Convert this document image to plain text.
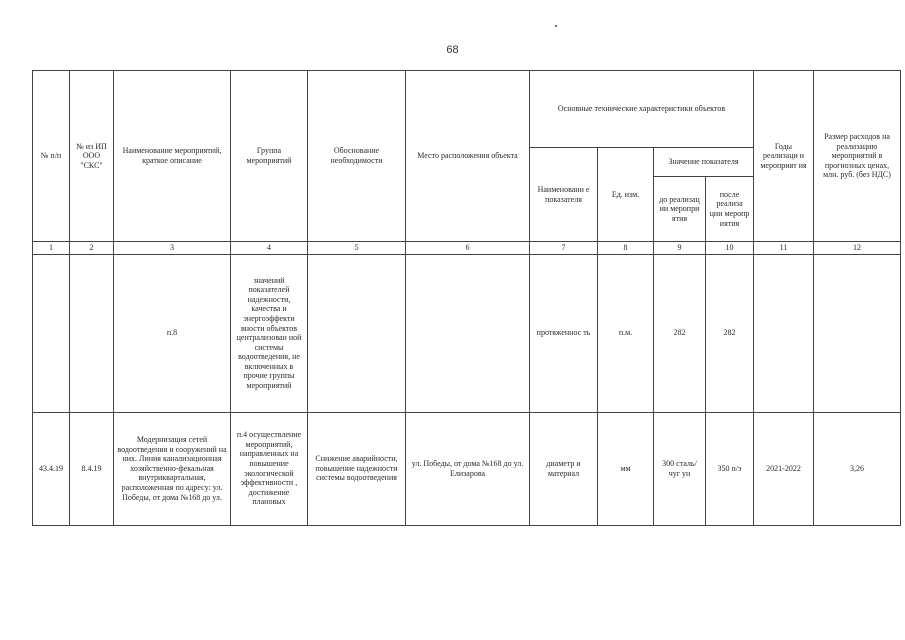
68
№ п/п	№ из ИП ООО "СКС"	Наименование мероприятий, краткое описание	Группа мероприятий	Обоснование необходимости	Место расположения объекта	Основные технические характеристики объектов				Годы реализаци и мероприят ия	Размер расходов на реализацию мероприятий в прогнозных ценах, млн. руб. (без НДС)
						Наименовани е показателя	Ед. изм.	Значение показателя			
								до реализац ии меропри ятия	после реализа ции меропр иятия		
1	2	3	4	5	6	7	8	9	10	11	12
		п.8	значений показателей надежности, качества и энергоэффекти вности объектов централизован ной системы водоотведения, не включенных в прочие группы мероприятий			протяженнос ть	п.м.	282	282		
43.4.19	8.4.19	Модернизация сетей водоотведения и сооружений на них. Линия канализационная хозяйственно-фекальная внутриквартальная, расположенная по адресу: ул. Победы, от дома №168 до ул.	п.4 осуществление мероприятий, направленных на повышение экологической эффективности , достижение плановых	Снижение аварийности, повышение надежности системы водоотведения	ул. Победы, от дома №168 до ул. Елизарова	диаметр и материал	мм	300 сталь/чуг ун	350 п/э	2021-2022	3,26
